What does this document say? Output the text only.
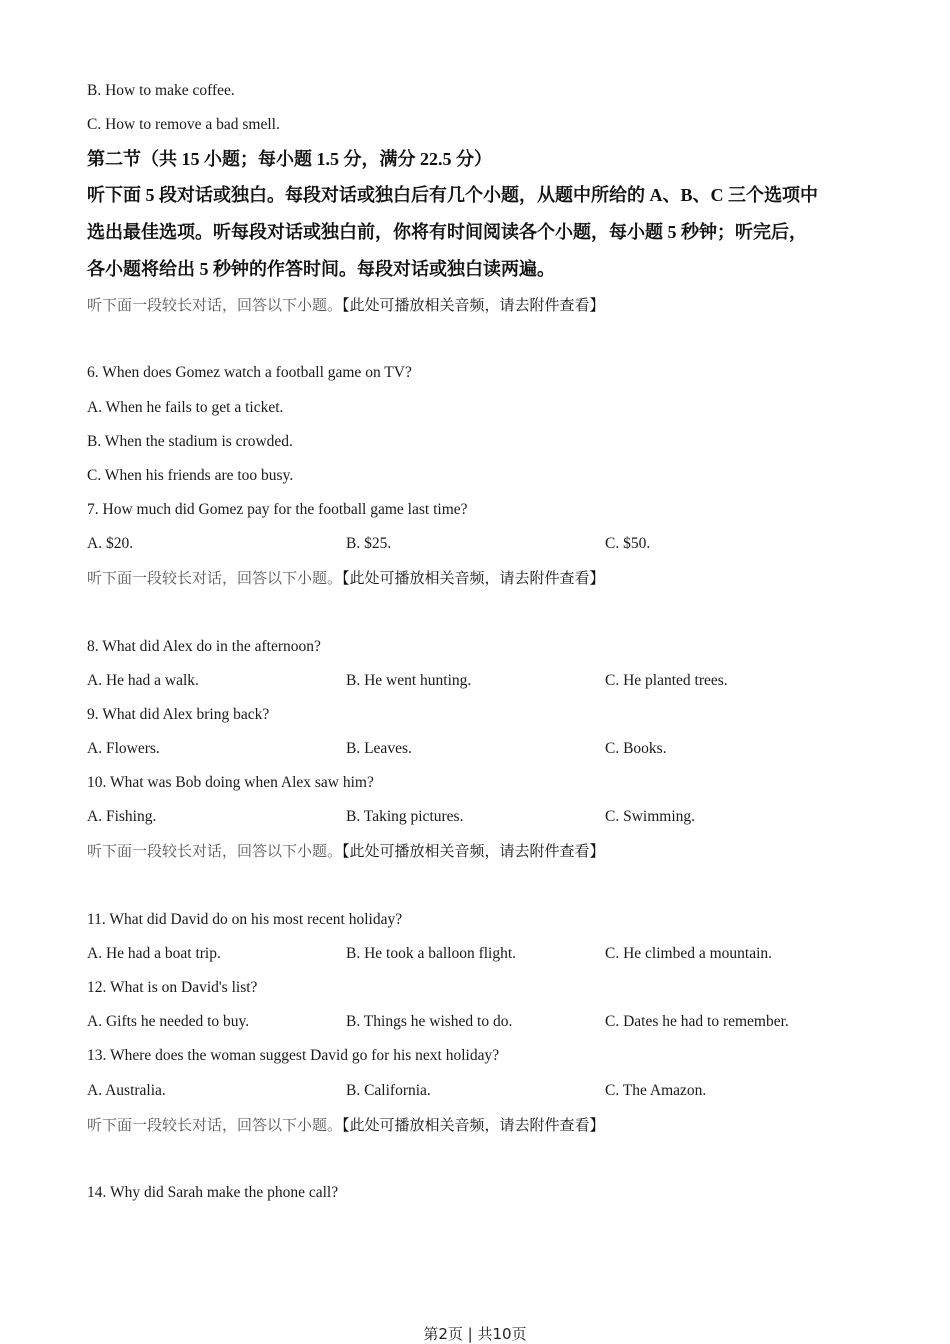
B. How to make coffee.
C. How to remove a bad smell.
第二节（共 15 小题；每小题 1.5 分，满分 22.5 分）
听下面 5 段对话或独白。每段对话或独白后有几个小题，从题中所给的 A、B、C 三个选项中
选出最佳选项。听每段对话或独白前，你将有时间阅读各个小题，每小题 5 秒钟；听完后，
各小题将给出 5 秒钟的作答时间。每段对话或独白读两遍。
听下面一段较长对话，回答以下小题。【此处可播放相关音频，请去附件查看】
6. When does Gomez watch a football game on TV?
A. When he fails to get a ticket.
B. When the stadium is crowded.
C. When his friends are too busy.
7. How much did Gomez pay for the football game last time?
A. $20.	B. $25.	C. $50.
听下面一段较长对话，回答以下小题。【此处可播放相关音频，请去附件查看】
8. What did Alex do in the afternoon?
A. He had a walk.	B. He went hunting.	C. He planted trees.
9. What did Alex bring back?
A. Flowers.	B. Leaves.	C. Books.
10. What was Bob doing when Alex saw him?
A. Fishing.	B. Taking pictures.	C. Swimming.
听下面一段较长对话，回答以下小题。【此处可播放相关音频，请去附件查看】
11. What did David do on his most recent holiday?
A. He had a boat trip.	B. He took a balloon flight.	C. He climbed a mountain.
12. What is on David's list?
A. Gifts he needed to buy.	B. Things he wished to do.	C. Dates he had to remember.
13. Where does the woman suggest David go for his next holiday?
A. Australia.	B. California.	C. The Amazon.
听下面一段较长对话，回答以下小题。【此处可播放相关音频，请去附件查看】
14. Why did Sarah make the phone call?
第2页 | 共10页
